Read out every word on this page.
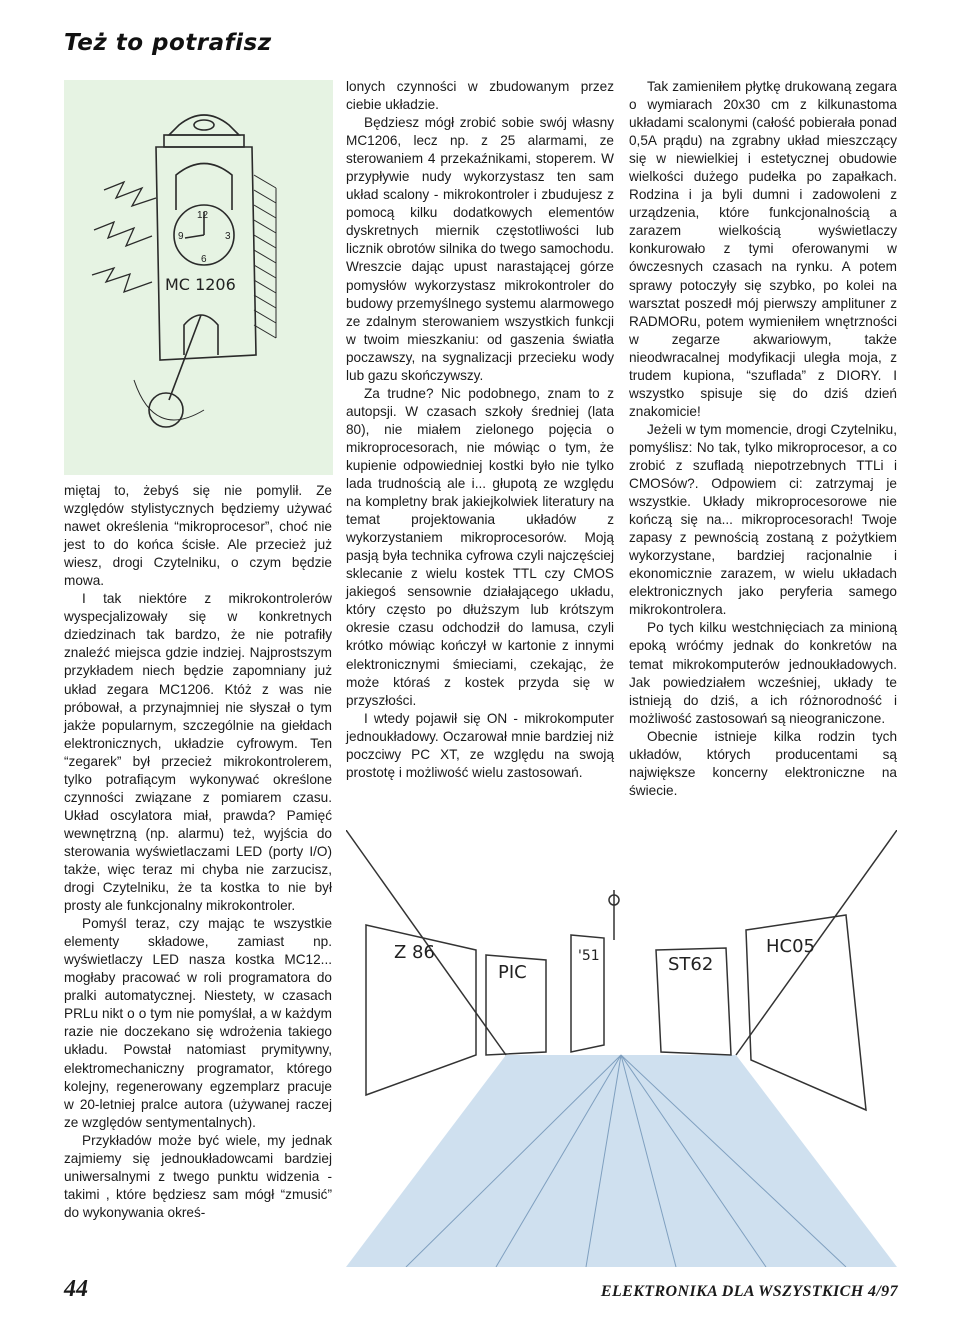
Też to potrafisz
12
9	3
6
MC 1206

miętaj to, żebyś się nie pomylił. Ze względów stylistycznych będziemy używać nawet określenia “mikroprocesor”, choć nie jest to do końca ścisłe. Ale przecież już wiesz, drogi Czytelniku, o czym będzie mowa.

I tak niektóre z mikrokontrolerów wyspecjalizowały się w konkretnych dziedzinach tak bardzo, że nie potrafiły znaleźć miejsca gdzie indziej. Najprostszym przykładem niech będzie zapomniany już układ zegara MC1206. Któż z was nie próbował, a przynajmniej nie słyszał o tym jakże popularnym, szczególnie na giełdach elektronicznych, układzie cyfrowym. Ten “zegarek” był przecież mikrokontrolerem, tylko potrafiącym wykonywać określone czynności związane z pomiarem czasu. Układ oscylatora miał, prawda? Pamięć wewnętrzną (np. alarmu) też, wyjścia do sterowania wyświetlaczami LED (porty I/O) także, więc teraz mi chyba nie zarzucisz, drogi Czytelniku, że ta kostka to nie był prosty ale funkcjonalny mikrokontroler.

Pomyśl teraz, czy mając te wszystkie elementy składowe, zamiast np. wyświetlaczy LED nasza kostka MC12... mogłaby pracować w roli programatora do pralki automatycznej. Niestety, w czasach PRLu nikt o o tym nie pomyślał, a w każdym razie nie doczekano się wdrożenia takiego układu. Powstał natomiast prymitywny, elektromechaniczny programator, którego kolejny, regenerowany egzemplarz pracuje w 20-letniej pralce autora (używanej raczej ze względów sentymentalnych).

Przykładów może być wiele, my jednak zajmiemy się jednoukładowcami bardziej uniwersalnymi z twego punktu widzenia - takimi , które będziesz sam mógł “zmusić” do wykonywania okreś-

lonych czynności w zbudowanym przez ciebie układzie.

Będziesz mógł zrobić sobie swój własny MC1206, lecz np. z 25 alarmami, ze sterowaniem 4 przekaźnikami, stoperem. W przypływie nudy wykorzystasz ten sam układ scalony - mikrokontroler i zbudujesz z pomocą kilku dodatkowych elementów dyskretnych miernik częstotliwości lub licznik obrotów silnika do twego samochodu. Wreszcie dając upust narastającej górze pomysłów wykorzystasz mikrokontroler do budowy przemyślnego systemu alarmowego ze zdalnym sterowaniem wszystkich funkcji w twoim mieszkaniu: od gaszenia światła poczawszy, na sygnalizacji przecieku wody lub gazu skończywszy.

Za trudne? Nic podobnego, znam to z autopsji. W czasach szkoły średniej (lata 80), nie miałem zielonego pojęcia o mikroprocesorach, nie mówiąc o tym, że kupienie odpowiedniej kostki było nie tylko lada trudnością ale i... głupotą ze względu na kompletny brak jakiejkolwiek literatury na temat projektowania układów z wykorzystaniem mikroprocesorów. Moją pasją była technika cyfrowa czyli najczęściej sklecanie z wielu kostek TTL czy CMOS jakiegoś sensownie działającego układu, który często po dłuższym lub krótszym okresie czasu odchodził do lamusa, czyli krótko mówiąc kończył w kartonie z innymi elektronicznymi śmieciami, czekając, że może któraś z kostek przyda się w przyszłości.

I wtedy pojawił się ON - mikrokomputer jednoukładowy. Oczarował mnie bardziej niż poczciwy PC XT, ze względu na swoją prostotę i możliwość wielu zastosowań.

Tak zamieniłem płytkę drukowaną zegara o wymiarach 20x30 cm z kilkunastoma układami scalonymi (całość pobierała ponad 0,5A prądu) na zgrabny układ mieszczący się w niewielkiej i estetycznej obudowie wielkości dużego pudełka po zapałkach. Rodzina i ja byli dumni i zadowoleni z urządzenia, które funkcjonalnością a zarazem wielkością wyświetlaczy konkurowało z tymi oferowanymi w ówczesnych czasach na rynku. A potem sprawy potoczyły się szybko, po kolei na warsztat poszedł mój pierwszy amplituner z RADMORu, potem wymieniłem wnętrzności w zegarze akwariowym, także nieodwracalnej modyfikacji uległa moja, z trudem kupiona, “szuflada” z DIORY. I wszystko spisuje się do dziś dzień znakomicie!

Jeżeli w tym momencie, drogi Czytelniku, pomyślisz: No tak, tylko mikroprocesor, a co zrobić z szufladą niepotrzebnych TTLi i CMOSów?. Odpowiem ci: zatrzymaj je wszystkie. Układy mikroprocesorowe nie kończą się na... mikroprocesorach! Twoje zapasy z pewnością zostaną z pożytkiem wykorzystane, bardziej racjonalnie i ekonomicznie zarazem, w wielu układach elektronicznych jako peryferia samego mikrokontrolera.

Po tych kilku westchnięciach za minioną epoką wróćmy jednak do konkretów na temat mikrokomputerów jednoukładowych. Jak powiedziałem wcześniej, układy te istnieją do dziś, a ich różnorodność i możliwość zastosowań są nieograniczone.

Obecnie istnieje kilka rodzin tych układów, których producentami są największe koncerny elektroniczne na świecie.

Z 86
PIC
'51	ST62
HC05
44	ELEKTRONIKA DLA WSZYSTKICH 4/97
